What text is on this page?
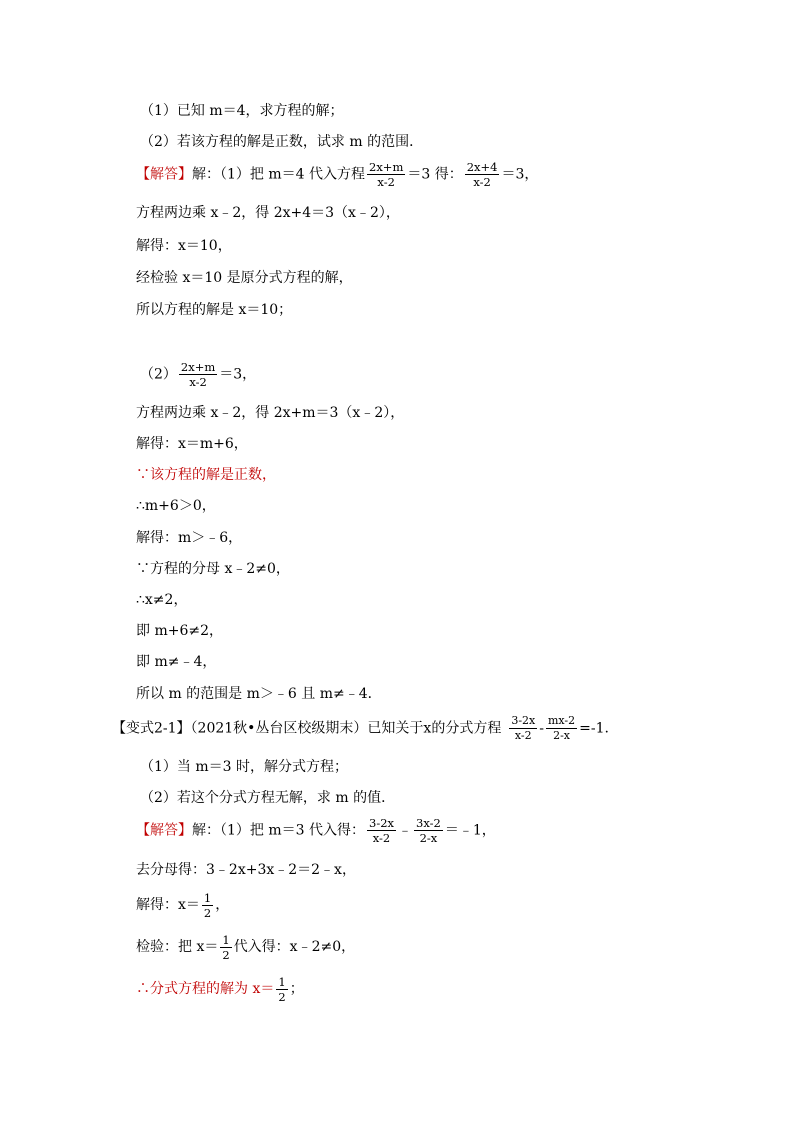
（1）已知 m＝4，求方程的解；
（2）若该方程的解是正数，试求 m 的范围．
【解答】解：（1）把 m＝4 代入方程 $\frac{2x+m}{x-2} =3$ 得： $\frac{2x+4}{x-2} =3$，
方程两边乘 x﹣2，得 2x+4＝3（x﹣2），
解得：x＝10，
经检验 x＝10 是原分式方程的解，
所以方程的解是 x＝10；
$(2) \frac{2x+m}{x-2} =3$，
方程两边乘 x﹣2，得 2x+m＝3（x﹣2），
解得：x＝m+6，
∵该方程的解是正数，
∴m+6＞0，
解得：m＞﹣6，
∵方程的分母 x﹣2≠0，
∴x≠2，
即 m+6≠2，
即 m≠﹣4，
所以 m 的范围是 m＞﹣6 且 m≠﹣4．
【变式2-1】（2021秋•丛台区校级期末）已知关于x的分式方程 $\frac{3-2x}{x-2} - \frac{mx-2}{2-x} =-1$.
（1）当 m＝3 时，解分式方程；
（2）若这个分式方程无解，求 m 的值．
【解答】解：（1）把 m＝3 代入得： $\frac{3-2x}{x-2}$ ﹣ $\frac{3x-2}{2-x}$ ＝﹣1，
去分母得：3﹣2x+3x﹣2＝2﹣x，
解得：$x= \frac{1}{2}$ ，
检验：把 $x= \frac{1}{2}$ 代入得：x﹣2≠0，
∴分式方程的解为 $x= \frac{1}{2}$ ；
